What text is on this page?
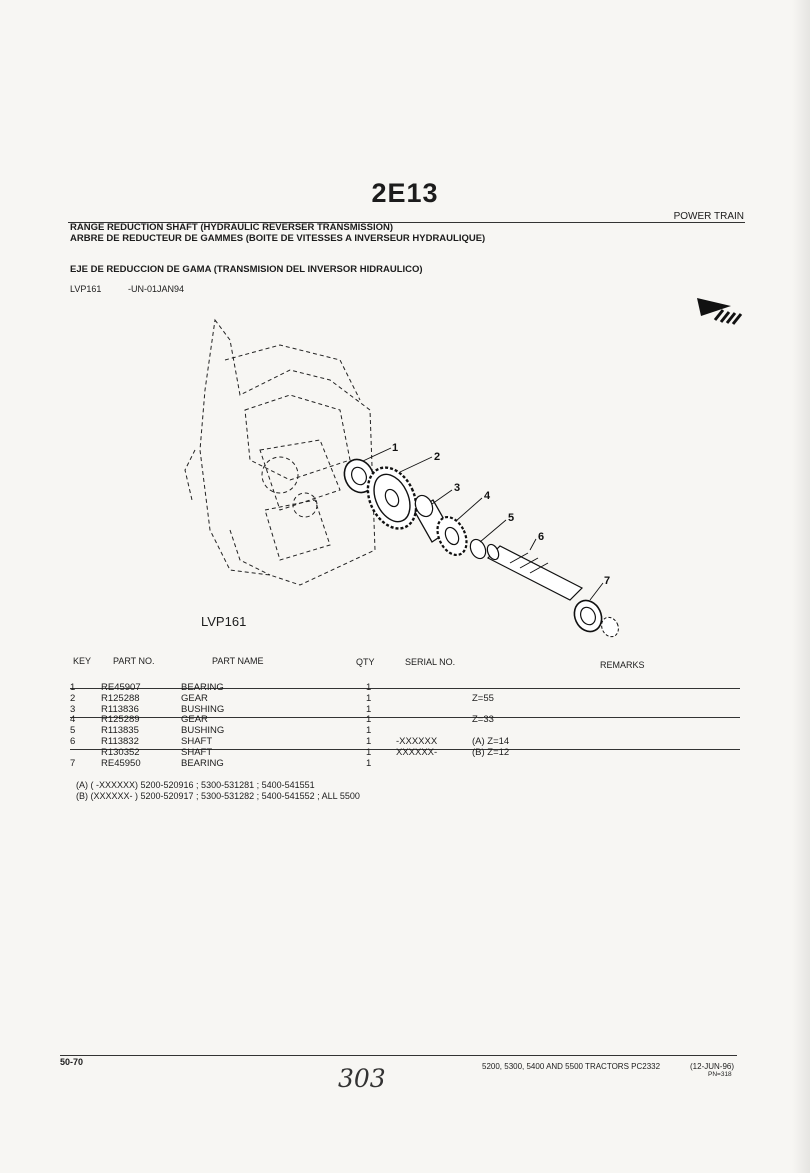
2E13
POWER TRAIN
RANGE REDUCTION SHAFT (HYDRAULIC REVERSER TRANSMISSION)
ARBRE DE REDUCTEUR DE GAMMES (BOITE DE VITESSES A INVERSEUR HYDRAULIQUE)
EJE DE REDUCCION DE GAMA (TRANSMISION DEL INVERSOR HIDRAULICO)
LVP161	-UN-01JAN94
1
2
3
4
5
6
7
LVP161
KEY PART NO.	PART NAME	QTY	SERIAL NO.	REMARKS
1	RE45907	BEARING	1		
2	R125288	GEAR	1		Z=55
3	R113836	BUSHING	1		
4	R125289	GEAR	1		Z=33
5	R113835	BUSHING	1		
6	R113832	SHAFT	1	-XXXXXX	(A) Z=14
	R130352	SHAFT	1	XXXXXX-	(B) Z=12
7	RE45950	BEARING	1		
(A) ( -XXXXXX) 5200-520916 ; 5300-531281 ; 5400-541551
(B) (XXXXXX- ) 5200-520917 ; 5300-531282 ; 5400-541552 ; ALL 5500
50-70	5200, 5300, 5400 AND 5500 TRACTORS PC2332	(12-JUN-96)
PN=318
303
